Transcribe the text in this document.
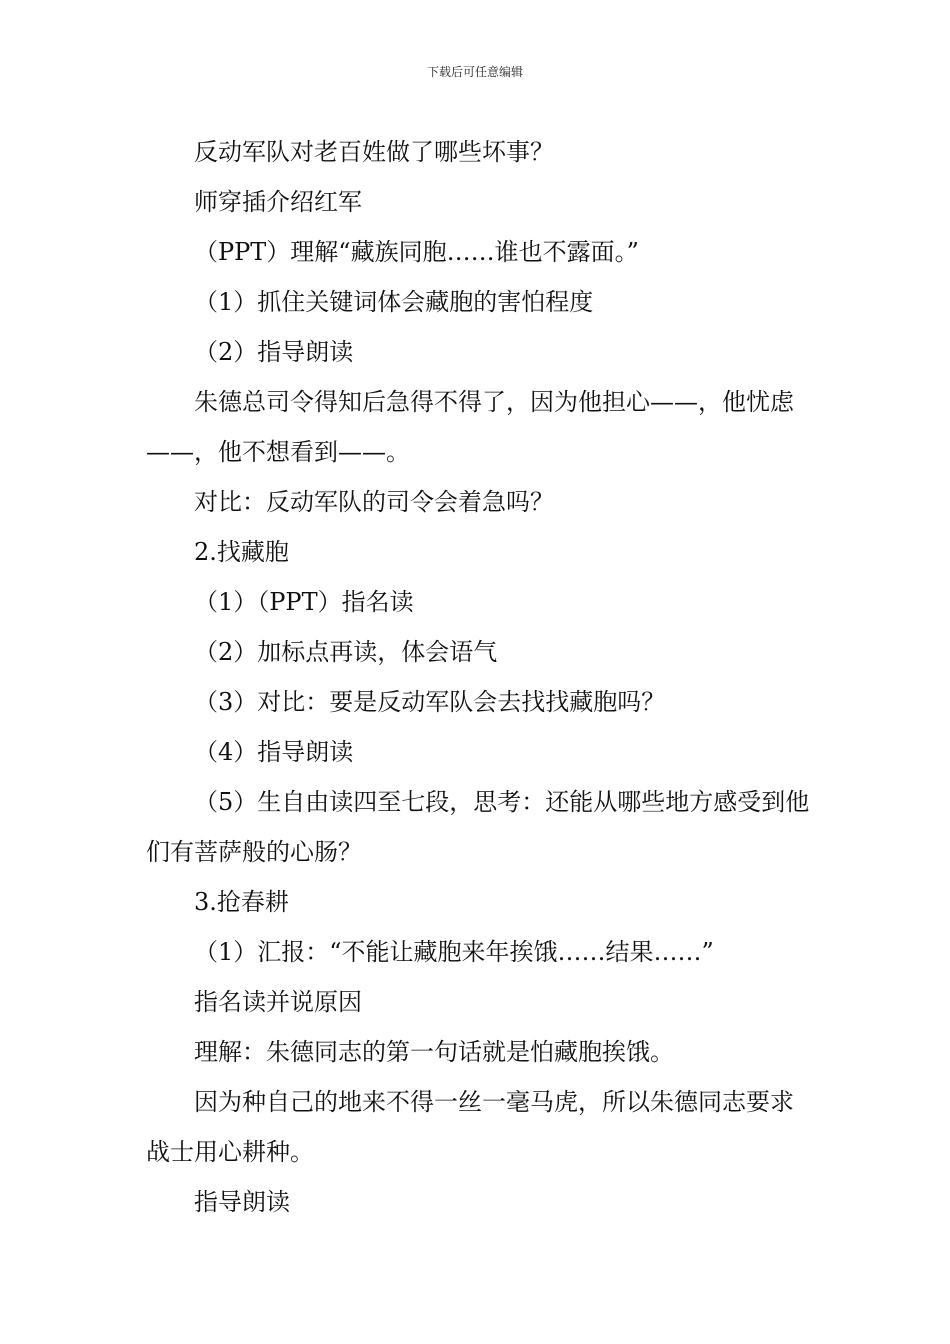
下载后可任意编辑

反动军队对老百姓做了哪些坏事？

师穿插介绍红军

（PPT）理解“藏族同胞……谁也不露面。”

（1）抓住关键词体会藏胞的害怕程度

（2）指导朗读

朱德总司令得知后急得不得了，因为他担心——，他忧虑——，他不想看到——。

对比：反动军队的司令会着急吗？

2.找藏胞

（1）（PPT）指名读

（2）加标点再读，体会语气

（3）对比：要是反动军队会去找找藏胞吗？

（4）指导朗读

（5）生自由读四至七段，思考：还能从哪些地方感受到他们有菩萨般的心肠？

3.抢春耕

（1）汇报：“不能让藏胞来年挨饿……结果……”

指名读并说原因

理解：朱德同志的第一句话就是怕藏胞挨饿。

因为种自己的地来不得一丝一毫马虎，所以朱德同志要求战士用心耕种。

指导朗读
